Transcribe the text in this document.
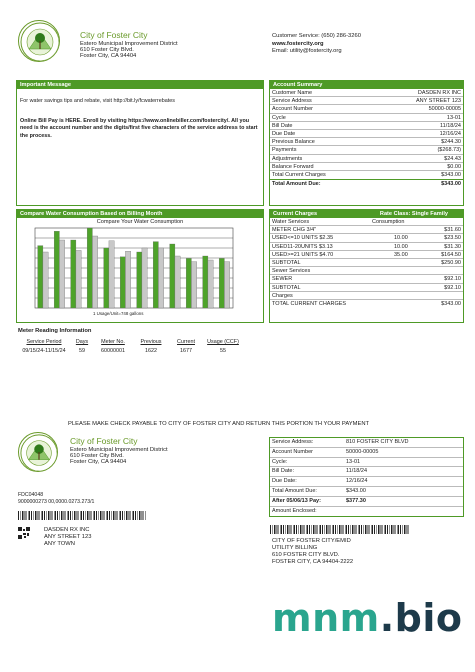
City of Foster City
Estero Municipal Improvement District
610 Foster City Blvd.
Foster City, CA 94404
Customer Service: (650) 286-3260
www.fostercity.org
Email: utility@fostercity.org
Important Message
For water savings tips and rebate, visit http://bit.ly/fcwaterrebates
Online Bill Pay is HERE. Enroll by visiting https://www.onlinebiller.com/fostercity/. All you need is the account number and the digits/first five characters of the service address to start the process.
Account Summary
Customer Name	DASDEN RX INC
Service Address	ANY STREET 123
Account Number	50000-00005
Cycle	13-01
Bill Date	11/18/24
Due Date	12/16/24
Previous Balance	$244.30
Payments	($268.73)
Adjustments	$24.43
Balance Forward	$0.00
Total Current Charges	$343.00
Total Amount Due:	$343.00
Compare Water Consumption Based on Billing Month
Compare Your Water Consumption
1 Usage/Unit=748 gallons
Meter Reading Information
Service Period	Days	Meter No.	Previous	Current	Usage (CCF)
09/15/24-11/15/24	59	60000001	1622	1677	55
Current Charges	Rate Class: Single Family
Water Services	Consumption
METER CHG 3/4"	$31.60
USED<=10 UNITS $2.35	10.00	$23.50
USED11-20UNITS $3.13	10.00	$31.30
USED>=21 UNITS $4.70	35.00	$164.50
SUBTOTAL	$250.90
Sewer Services
SEWER	$92.10
SUBTOTAL	$92.10
Charges
TOTAL CURRENT CHARGES	$343.00
PLEASE MAKE CHECK PAYABLE TO CITY OF FOSTER CITY AND RETURN THIS PORTION TH YOUR PAYMENT
City of Foster City
Estero Municipal Improvement District
610 Foster City Blvd.
Foster City, CA 94404
FDC04048
9000000273 00,0000.0273.273/1
Service Address:	810 FOSTER CITY BLVD
Account Number	50000-00005
Cycle:	13-01
Bill Date:	11/18/24
Due Date:	12/16/24
Total Amount Due:	$343.00
After 05/06/13 Pay:	$377.30
Amount Enclosed:
DASDEN RX INC
ANY STREET 123
ANY TOWN	CITY OF FOSTER CITY/EMID
UTILITY BILLING
610 FOSTER CITY BLVD.
FOSTER CITY, CA 94404-2222
mnm.bio
